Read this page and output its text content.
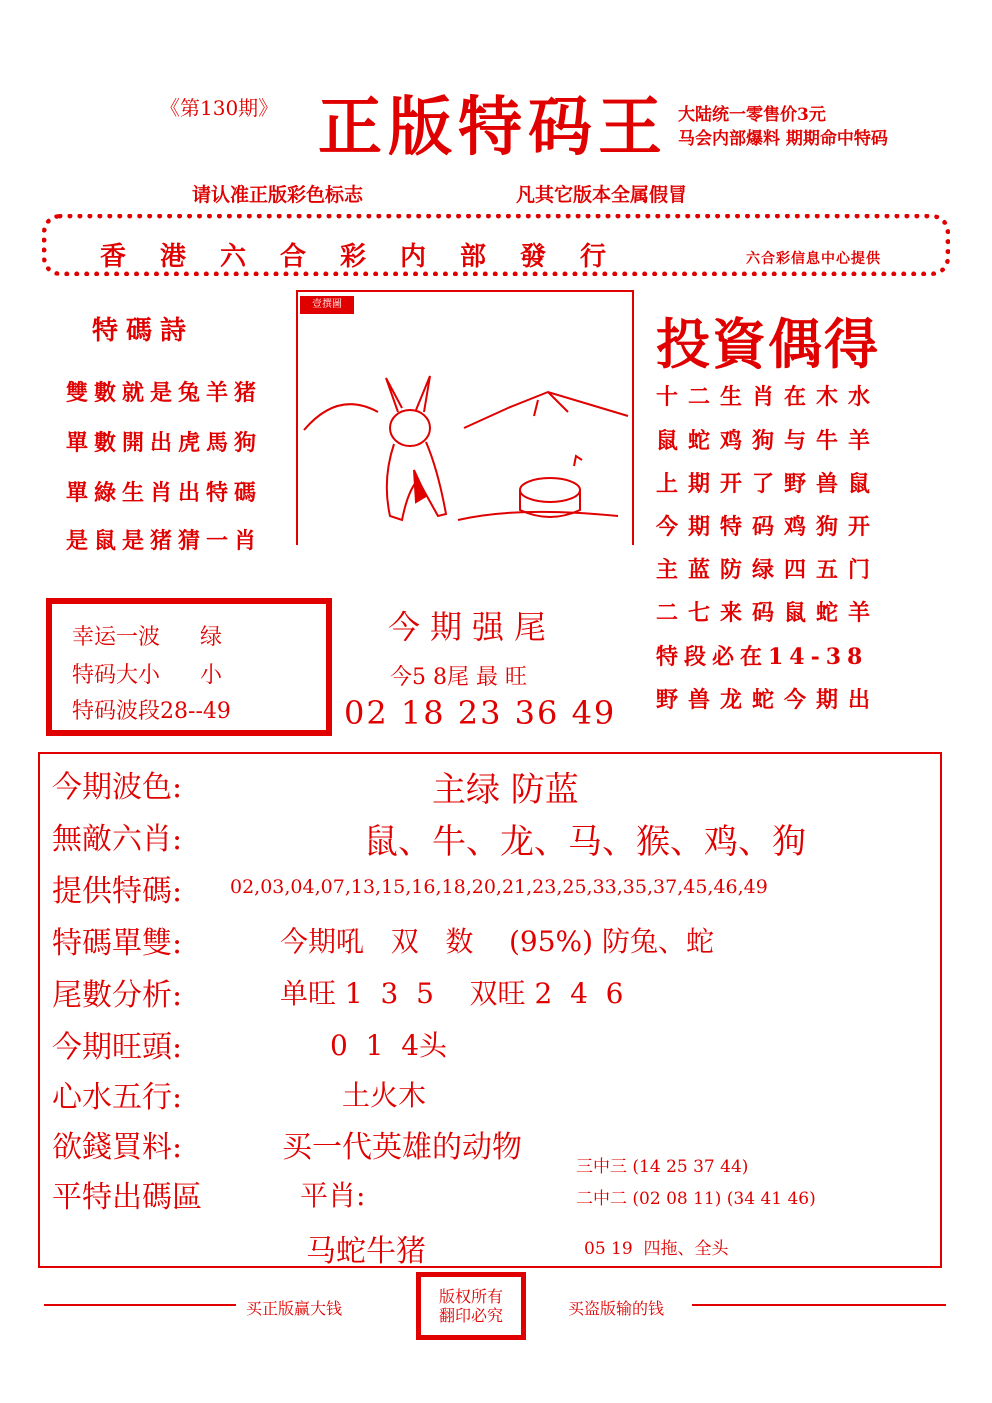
《第130期》 正版特码王 大陆统一零售价3元
马会内部爆料 期期命中特码
请认准正版彩色标志	凡其它版本全属假冒
香港六合彩内部發行	六合彩信息中心提供
特碼詩
雙數就是兔羊猪
單數開出虎馬狗
單綠生肖出特碼
是鼠是猪猜一肖
壹撰圖
投資偶得
十二生肖在木水
鼠蛇鸡狗与牛羊
上期开了野兽鼠
今期特码鸡狗开
主蓝防绿四五门
二七来码鼠蛇羊
特段必在14-38
野兽龙蛇今期出
幸运一波 绿
特码大小 小
特码波段28--49
今期强尾
今5 8尾 最 旺
02 18 23 36 49
今期波色:	主绿 防蓝
無敵六肖:	鼠、牛、龙、马、猴、鸡、狗
提供特碼:	02,03,04,07,13,15,16,18,20,21,23,25,33,35,37,45,46,49
特碼單雙:	今期吼   双   数    (95%) 防兔、蛇
尾數分析:	单旺 1  3  5    双旺 2  4  6
今期旺頭:	0  1  4头
心水五行:	土火木
欲錢買料:	买一代英雄的动物
平特出碼區	平肖:
马蛇牛猪
三中三 (14 25 37 44)
二中二 (02 08 11) (34 41 46)
05 19  四拖、全头
买正版赢大钱
版权所有
翻印必究	买盗版输的钱
